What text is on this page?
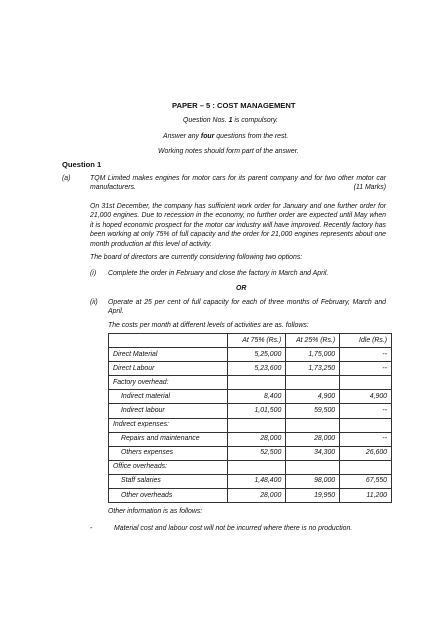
PAPER – 5 : COST MANAGEMENT
Question Nos. 1 is compulsory.
Answer any four questions from the rest.
Working notes should form part of the answer.
Question 1
(a)	TQM Limited makes engines for motor cars for its parent company and for two other motor car manufacturers.	(11 Marks)
On 31st December, the company has sufficient work order for January and one further order for 21,000 engines. Due to recession in the economy, no further order are expected until May when it is hoped economic prospect for the motor car industry will have improved. Recently factory has been working at only 75% of full capacity and the order for 21,000 engines represents about one month production at this level of activity.
The board of directors are currently considering following two options:
(i) Complete the order in February and close the factory in March and April.
OR
(ii) Operate at 25 per cent of full capacity for each of three months of February, March and April.
The costs per month at different levels of activities are as. follows:
	At 75% (Rs.)	At 25% (Rs.)	Idle (Rs.)
Direct Material	5,25,000	1,75,000	--
Direct Labour	5,23,600	1,73,250	--
Factory overhead:			
Indirect material	8,400	4,900	4,900
Indirect labour	1,01,500	59,500	--
Indirect expenses:			
Repairs and maintenance	28,000	28,000	--
Others expenses	52,500	34,300	26,600
Office overheads:			
Staff salaries	1,48,400	98,000	67,550
Other overheads	28,000	19,950	11,200
Other information is as follows:
-	Material cost and labour cost will not be incurred where there is no production.
